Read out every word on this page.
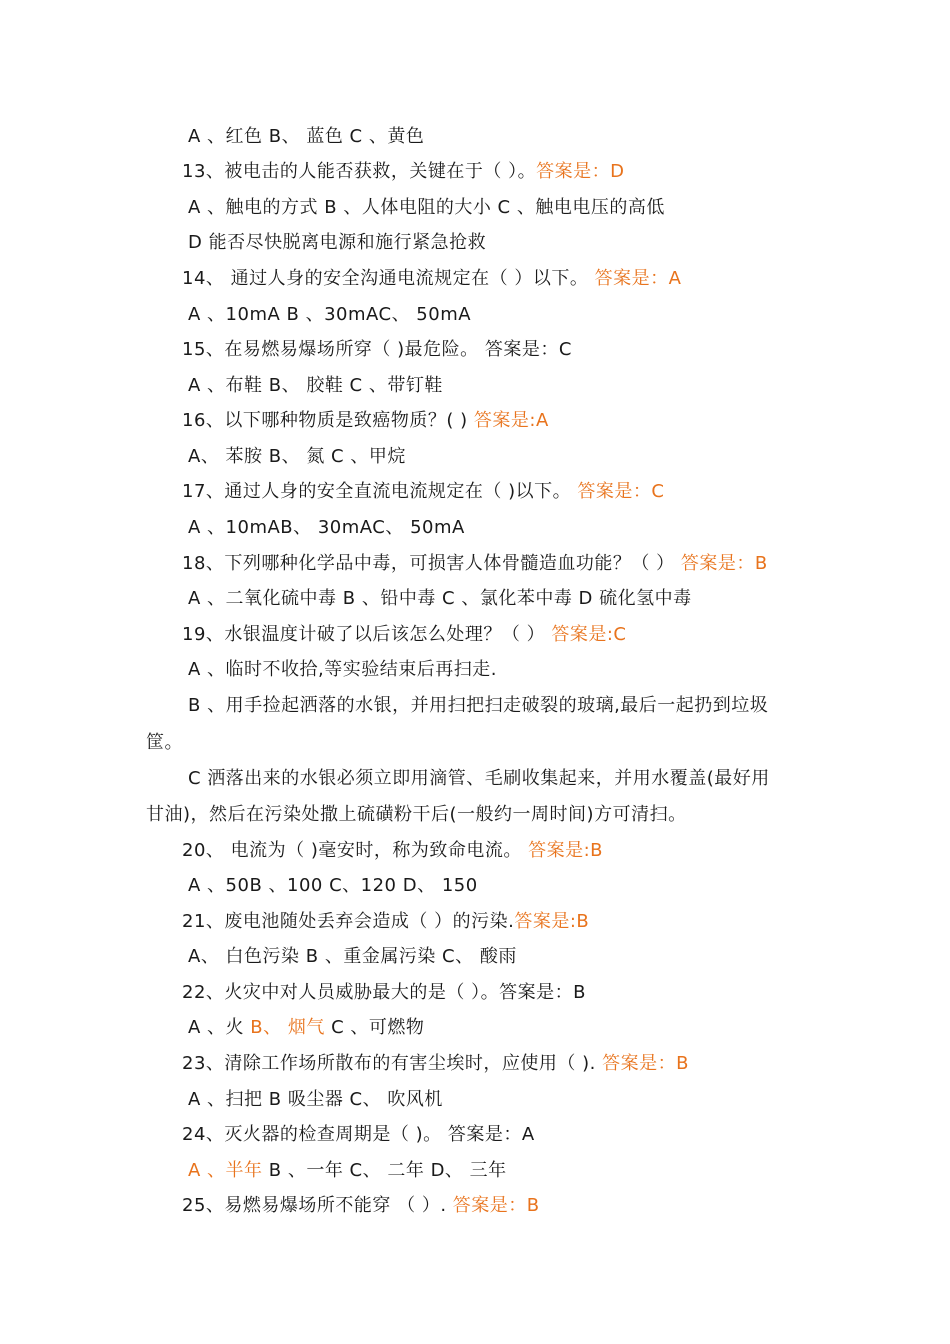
A 、红色 B、 蓝色 C 、黄色
13、被电击的人能否获救，关键在于（ ）。答案是：D
A 、触电的方式 B 、人体电阻的大小 C 、触电电压的高低
D 能否尽快脱离电源和施行紧急抢救
14、 通过人身的安全沟通电流规定在（ ）以下。 答案是：A
A 、10mA B 、30mAC、 50mA
15、在易燃易爆场所穿（ )最危险。 答案是：C
A 、布鞋 B、 胶鞋 C 、带钉鞋
16、以下哪种物质是致癌物质？( ) 答案是:A
A、 苯胺 B、 氮 C 、甲烷
17、通过人身的安全直流电流规定在（ )以下。 答案是：C
A 、10mAB、 30mAC、 50mA
18、下列哪种化学品中毒，可损害人体骨髓造血功能？（ ） 答案是：B
A 、二氧化硫中毒 B 、铅中毒 C 、氯化苯中毒 D 硫化氢中毒
19、水银温度计破了以后该怎么处理？（ ） 答案是:C
A 、临时不收拾,等实验结束后再扫走.
B 、用手捡起洒落的水银，并用扫把扫走破裂的玻璃,最后一起扔到垃圾
筐。
C 洒落出来的水银必须立即用滴管、毛刷收集起来，并用水覆盖(最好用
甘油)，然后在污染处撒上硫磺粉干后(一般约一周时间)方可清扫。
20、 电流为（ )毫安时，称为致命电流。 答案是:B
A 、50B 、100 C、120 D、 150
21、废电池随处丢弃会造成（ ）的污染.答案是:B
A、 白色污染 B 、重金属污染 C、 酸雨
22、火灾中对人员威胁最大的是（ ）。答案是：B
A 、火 B、 烟气 C 、可燃物
23、清除工作场所散布的有害尘埃时，应使用（ ). 答案是：B
A 、扫把 B 吸尘器 C、 吹风机
24、灭火器的检查周期是（ )。 答案是：A
A 、半年 B 、一年 C、 二年 D、 三年
25、易燃易爆场所不能穿 （ ）. 答案是：B
